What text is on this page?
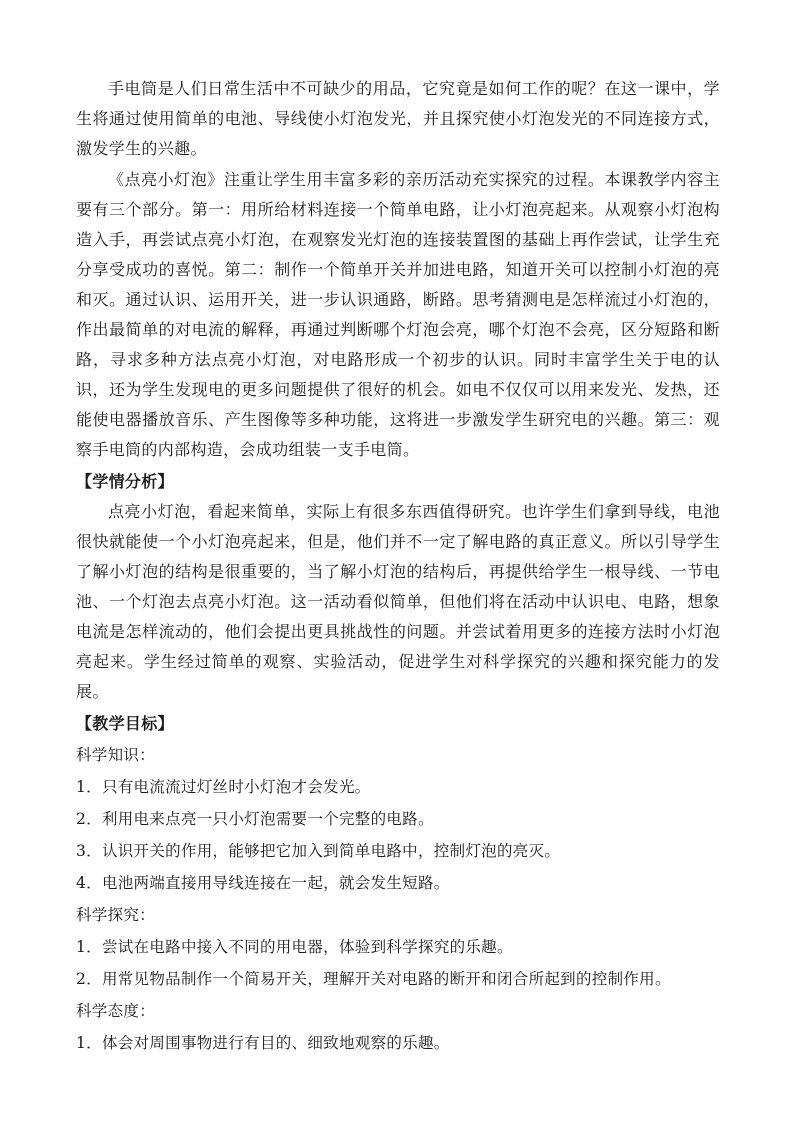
手电筒是人们日常生活中不可缺少的用品，它究竟是如何工作的呢？在这一课中，学生将通过使用简单的电池、导线使小灯泡发光，并且探究使小灯泡发光的不同连接方式，激发学生的兴趣。

《点亮小灯泡》注重让学生用丰富多彩的亲历活动充实探究的过程。本课教学内容主要有三个部分。第一：用所给材料连接一个简单电路，让小灯泡亮起来。从观察小灯泡构造入手，再尝试点亮小灯泡，在观察发光灯泡的连接装置图的基础上再作尝试，让学生充分享受成功的喜悦。第二：制作一个简单开关并加进电路，知道开关可以控制小灯泡的亮和灭。通过认识、运用开关，进一步认识通路，断路。思考猜测电是怎样流过小灯泡的，作出最简单的对电流的解释，再通过判断哪个灯泡会亮，哪个灯泡不会亮，区分短路和断路，寻求多种方法点亮小灯泡，对电路形成一个初步的认识。同时丰富学生关于电的认识，还为学生发现电的更多问题提供了很好的机会。如电不仅仅可以用来发光、发热，还能使电器播放音乐、产生图像等多种功能，这将进一步激发学生研究电的兴趣。第三：观察手电筒的内部构造，会成功组装一支手电筒。

【学情分析】

点亮小灯泡，看起来简单，实际上有很多东西值得研究。也许学生们拿到导线，电池很快就能使一个小灯泡亮起来，但是，他们并不一定了解电路的真正意义。所以引导学生了解小灯泡的结构是很重要的，当了解小灯泡的结构后，再提供给学生一根导线、一节电池、一个灯泡去点亮小灯泡。这一活动看似简单，但他们将在活动中认识电、电路，想象电流是怎样流动的，他们会提出更具挑战性的问题。并尝试着用更多的连接方法时小灯泡亮起来。学生经过简单的观察、实验活动，促进学生对科学探究的兴趣和探究能力的发展。

【教学目标】

科学知识：

1．只有电流流过灯丝时小灯泡才会发光。

2．利用电来点亮一只小灯泡需要一个完整的电路。

3．认识开关的作用，能够把它加入到简单电路中，控制灯泡的亮灭。

4．电池两端直接用导线连接在一起，就会发生短路。

科学探究：

1．尝试在电路中接入不同的用电器，体验到科学探究的乐趣。

2．用常见物品制作一个简易开关，理解开关对电路的断开和闭合所起到的控制作用。

科学态度：

1．体会对周围事物进行有目的、细致地观察的乐趣。
